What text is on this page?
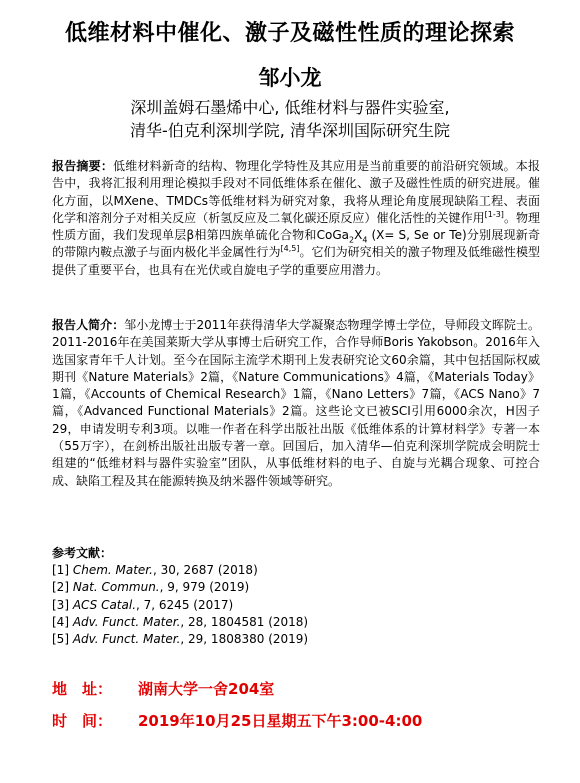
低维材料中催化、激子及磁性性质的理论探索
邹小龙
深圳盖姆石墨烯中心, 低维材料与器件实验室,
清华-伯克利深圳学院, 清华深圳国际研究生院
报告摘要：低维材料新奇的结构、物理化学特性及其应用是当前重要的前沿研究领域。本报告中，我将汇报利用理论模拟手段对不同低维体系在催化、激子及磁性性质的研究进展。催化方面，以MXene、TMDCs等低维材料为研究对象，我将从理论角度展现缺陷工程、表面化学和溶剂分子对相关反应（析氢反应及二氧化碳还原反应）催化活性的关键作用[1-3]。物理性质方面，我们发现单层β相第四族单硫化合物和$CoGa_2X_4$ (X= S, Se or Te)分别展现新奇的带隙内鞍点激子与面内极化半金属性行为[4,5]。它们为研究相关的激子物理及低维磁性模型提供了重要平台，也具有在光伏或自旋电子学的重要应用潜力。
报告人简介：邹小龙博士于2011年获得清华大学凝聚态物理学博士学位，导师段文晖院士。2011-2016年在美国莱斯大学从事博士后研究工作，合作导师Boris Yakobson。2016年入选国家青年千人计划。至今在国际主流学术期刊上发表研究论文60余篇，其中包括国际权威期刊《Nature Materials》2篇，《Nature Communications》4篇，《Materials Today》1篇，《Accounts of Chemical Research》1篇，《Nano Letters》7篇，《ACS Nano》7篇，《Advanced Functional Materials》2篇。这些论文已被SCI引用6000余次，H因子29，申请发明专利3项。以唯一作者在科学出版社出版《低维体系的计算材料学》专著一本（55万字），在剑桥出版社出版专著一章。回国后，加入清华—伯克利深圳学院成会明院士组建的“低维材料与器件实验室”团队，从事低维材料的电子、自旋与光耦合现象、可控合成、缺陷工程及其在能源转换及纳米器件领域等研究。
参考文献：
[1] Chem. Mater., 30, 2687 (2018)
[2] Nat. Commun., 9, 979 (2019)
[3] ACS Catal., 7, 6245 (2017)
[4] Adv. Funct. Mater., 28, 1804581 (2018)
[5] Adv. Funct. Mater., 29, 1808380 (2019)
地　址： 湖南大学一舍204室
时　间： 2019年10月25日星期五下午3:00-4:00
